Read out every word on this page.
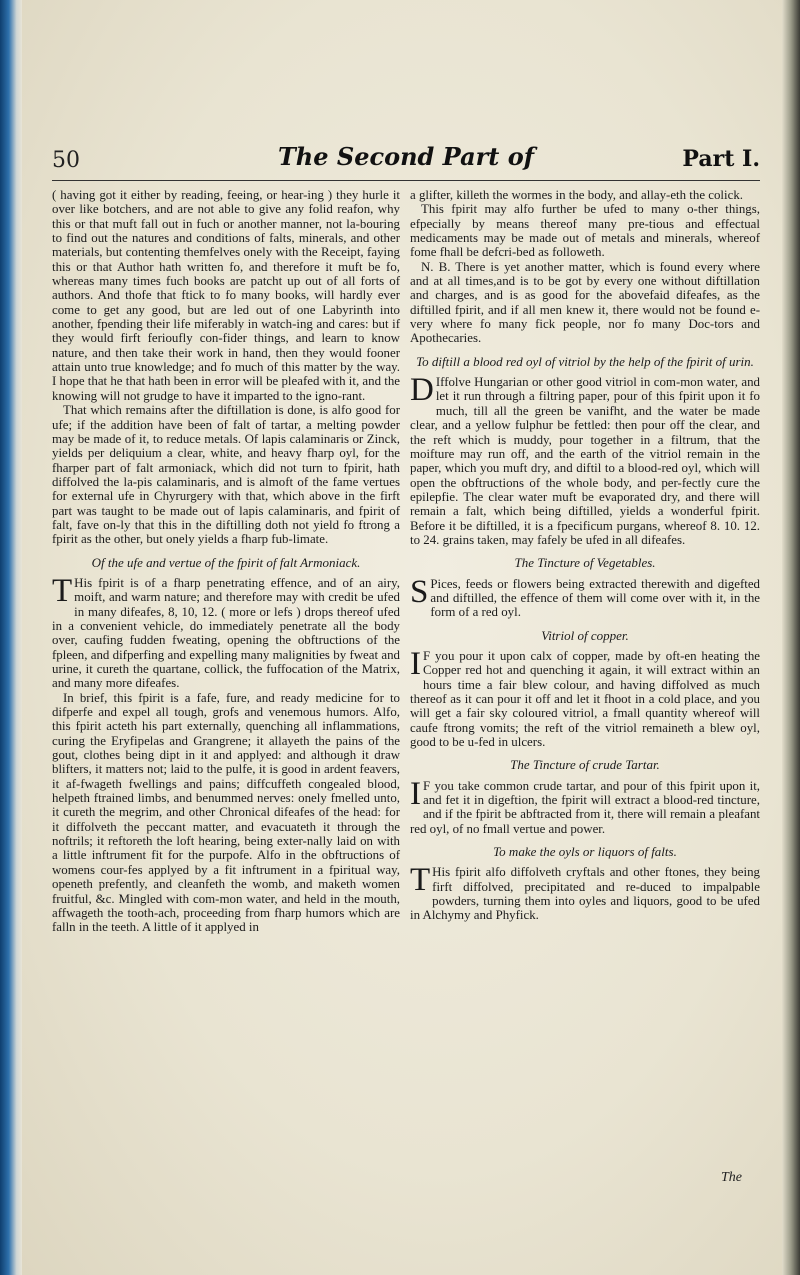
50	The Second Part of	Part I.

( having got it either by reading, feeing, or hear-ing ) they hurle it over like botchers, and are not able to give any folid reafon, why this or that muft fall out in fuch or another manner, not la-bouring to find out the natures and conditions of falts, minerals, and other materials, but contenting themfelves onely with the Receipt, faying this or that Author hath written fo, and therefore it muft be fo, whereas many times fuch books are patcht up out of all forts of authors. And thofe that ftick to fo many books, will hardly ever come to get any good, but are led out of one Labyrinth into another, fpending their life miferably in watch-ing and cares: but if they would firft ferioufly con-fider things, and learn to know nature, and then take their work in hand, then they would fooner attain unto true knowledge; and fo much of this matter by the way. I hope that he that hath been in error will be pleafed with it, and the knowing will not grudge to have it imparted to the igno-rant.

That which remains after the diftillation is done, is alfo good for ufe; if the addition have been of falt of tartar, a melting powder may be made of it, to reduce metals. Of lapis calaminaris or Zinck, yields per deliquium a clear, white, and heavy fharp oyl, for the fharper part of falt armoniack, which did not turn to fpirit, hath diffolved the la-pis calaminaris, and is almoft of the fame vertues for external ufe in Chyrurgery with that, which above in the firft part was taught to be made out of lapis calaminaris, and fpirit of falt, fave on-ly that this in the diftilling doth not yield fo ftrong a fpirit as the other, but onely yields a fharp fub-limate.

Of the ufe and vertue of the fpirit of falt Armoniack.

T His fpirit is of a fharp penetrating effence, and of an airy, moift, and warm nature; and therefore may with credit be ufed in many difeafes, 8, 10, 12. ( more or lefs ) drops thereof ufed in a convenient vehicle, do immediately penetrate all the body over, caufing fudden fweating, opening the obftructions of the fpleen, and difperfing and expelling many malignities by fweat and urine, it cureth the quartane, collick, the fuffocation of the Matrix, and many more difeafes.

In brief, this fpirit is a fafe, fure, and ready medicine for to difperfe and expel all tough, grofs and venemous humors. Alfo, this fpirit acteth his part externally, quenching all inflammations, curing the Eryfipelas and Grangrene; it allayeth the pains of the gout, clothes being dipt in it and applyed: and although it draw blifters, it matters not; laid to the pulfe, it is good in ardent feavers, it af-fwageth fwellings and pains; diffcuffeth congealed blood, helpeth ftrained limbs, and benummed nerves: onely fmelled unto, it cureth the megrim, and other Chronical difeafes of the head: for it diffolveth the peccant matter, and evacuateth it through the noftrils; it reftoreth the loft hearing, being exter-nally laid on with a little inftrument fit for the purpofe. Alfo in the obftructions of womens cour-fes applyed by a fit inftrument in a fpiritual way, openeth prefently, and cleanfeth the womb, and maketh women fruitful, &c. Mingled with com-mon water, and held in the mouth, affwageth the tooth-ach, proceeding from fharp humors which are falln in the teeth. A little of it applyed in

a glifter, killeth the wormes in the body, and allay-eth the colick.

This fpirit may alfo further be ufed to many o-ther things, efpecially by means thereof many pre-tious and effectual medicaments may be made out of metals and minerals, whereof fome fhall be defcri-bed as followeth.

N. B. There is yet another matter, which is found every where and at all times,and is to be got by every one without diftillation and charges, and is as good for the abovefaid difeafes, as the diftilled fpirit, and if all men knew it, there would not be found e-very where fo many fick people, nor fo many Doc-tors and Apothecaries.

To diftill a blood red oyl of vitriol by the help of the fpirit of urin.

D Iffolve Hungarian or other good vitriol in com-mon water, and let it run through a filtring paper, pour of this fpirit upon it fo much, till all the green be vanifht, and the water be made clear, and a yellow fulphur be fettled: then pour off the clear, and the reft which is muddy, pour together in a filtrum, that the moifture may run off, and the earth of the vitriol remain in the paper, which you muft dry, and diftil to a blood-red oyl, which will open the obftructions of the whole body, and per-fectly cure the epilepfie. The clear water muft be evaporated dry, and there will remain a falt, which being diftilled, yields a wonderful fpirit. Before it be diftilled, it is a fpecificum purgans, whereof 8. 10. 12. to 24. grains taken, may fafely be ufed in all difeafes.

The Tincture of Vegetables.

S Pices, feeds or flowers being extracted therewith and digefted and diftilled, the effence of them will come over with it, in the form of a red oyl.

Vitriol of copper.

I F you pour it upon calx of copper, made by oft-en heating the Copper red hot and quenching it again, it will extract within an hours time a fair blew colour, and having diffolved as much thereof as it can pour it off and let it fhoot in a cold place, and you will get a fair sky coloured vitriol, a fmall quantity whereof will caufe ftrong vomits; the reft of the vitriol remaineth a blew oyl, good to be u-fed in ulcers.

The Tincture of crude Tartar.

I F you take common crude tartar, and pour of this fpirit upon it, and fet it in digeftion, the fpirit will extract a blood-red tincture, and if the fpirit be abftracted from it, there will remain a pleafant red oyl, of no fmall vertue and power.

To make the oyls or liquors of falts.

T His fpirit alfo diffolveth cryftals and other ftones, they being firft diffolved, precipitated and re-duced to impalpable powders, turning them into oyles and liquors, good to be ufed in Alchymy and Phyfick.

The
